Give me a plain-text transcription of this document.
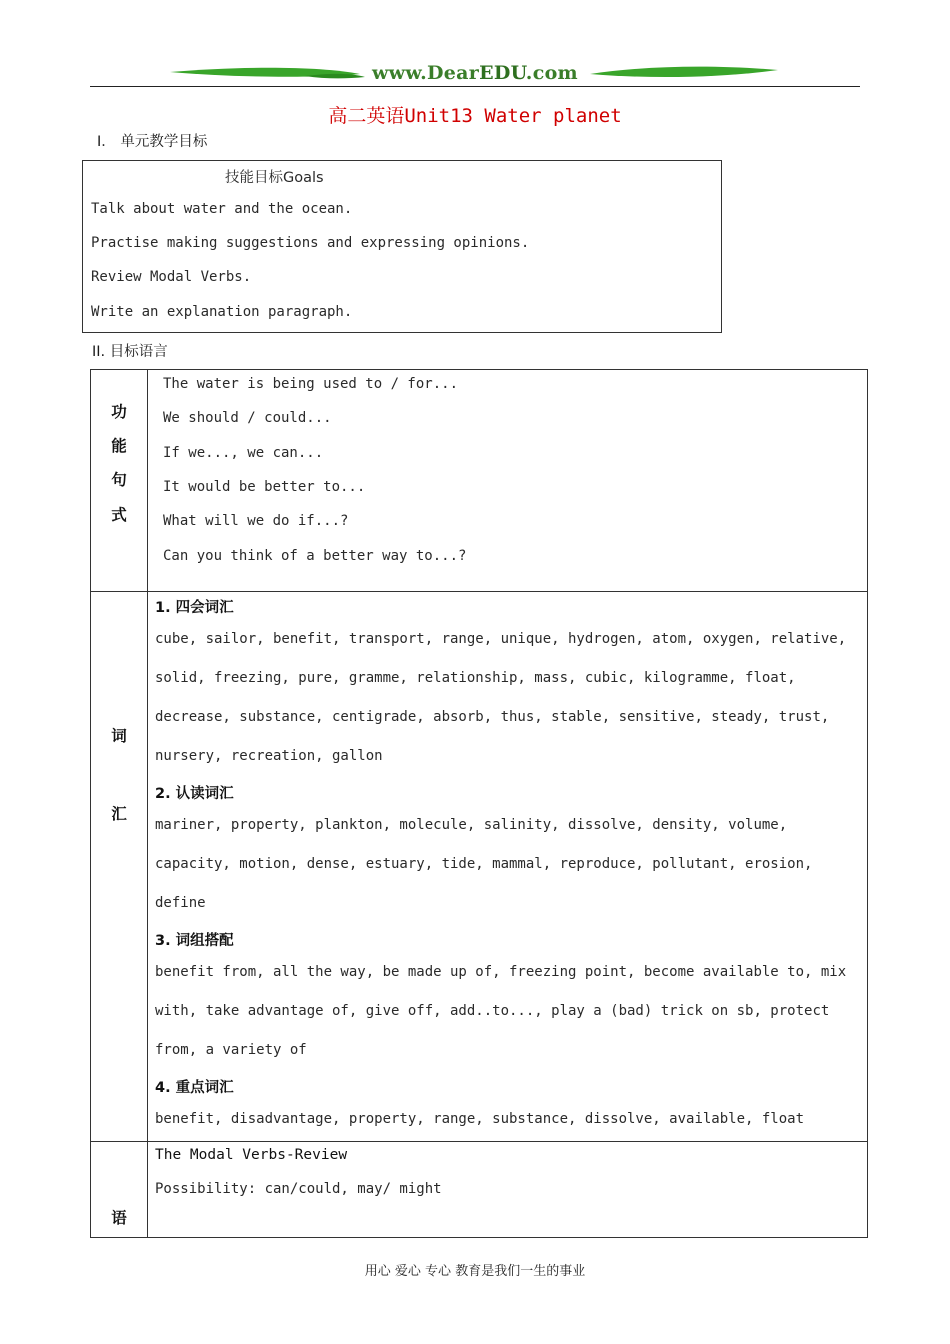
www.DearEDU.com
高二英语Unit13 Water planet
Ⅰ． 单元教学目标
技能目标Goals
Talk about water and the ocean.
Practise making suggestions and expressing opinions.
Review Modal Verbs.
Write an explanation paragraph.
II. 目标语言
功
能
句
式
The water is being used to / for...
We should / could...
If we..., we can...
It would be better to...
What will we do if...?
Can you think of a better way to...?
词
汇
1. 四会词汇
cube, sailor, benefit, transport, range, unique, hydrogen, atom, oxygen, relative,
solid, freezing, pure, gramme, relationship, mass, cubic, kilogramme, float,
decrease, substance, centigrade, absorb, thus, stable, sensitive, steady, trust,
nursery, recreation, gallon
2. 认读词汇
mariner, property, plankton, molecule, salinity, dissolve, density, volume,
capacity, motion, dense, estuary, tide, mammal, reproduce, pollutant, erosion,
define
3. 词组搭配
benefit from, all the way, be made up of, freezing point, become available to, mix
with, take advantage of, give off, add..to..., play a (bad) trick on sb, protect
from, a variety of
4. 重点词汇
benefit, disadvantage, property, range, substance, dissolve, available, float
语
The Modal Verbs-Review
Possibility: can/could, may/ might
用心 爱心 专心 教育是我们一生的事业
